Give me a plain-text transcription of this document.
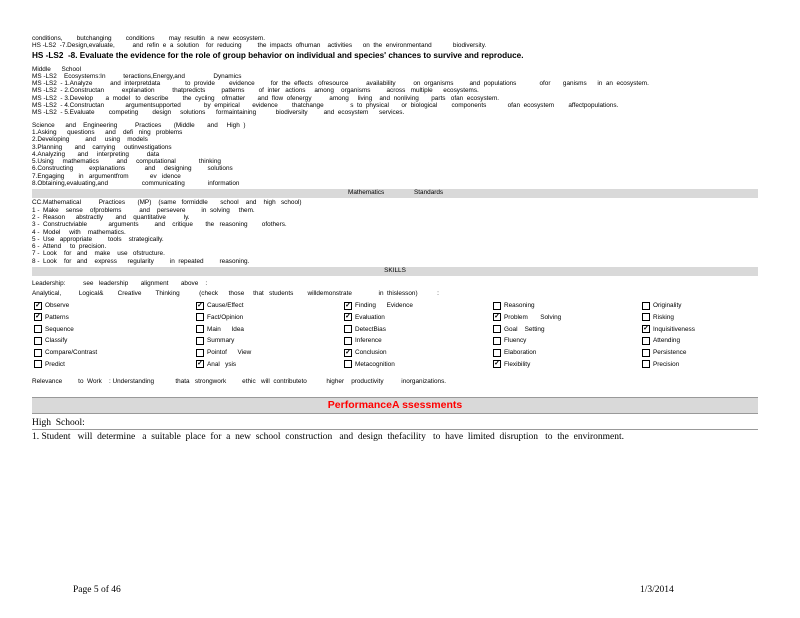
conditions,        butchanging        conditions        may  resultin   a  new  ecosystem.
HS -LS2  -7.Design,evaluate,          and  refin  e  a  solution    for  reducing         the  impacts  ofhuman    activities      on  the  environmentand            biodiversity.
HS -LS2  -8. Evaluate the evidence for the role of group behavior on individual and species' chances to survive and reproduce.
Middle      School
MS -LS2    Ecosystems:In          teractions,Energy,and                Dynamics
MS -LS2  - 1.Analyze          and  interpretdata              to  provide        evidence         for  the  effects   ofresource          availability          on  organisms         and  populations             ofor       ganisms      in  an  ecosystem.
MS -LS2  - 2.Constructan          explanation          thatpredicts         patterns        of  inter   actions     among    organisms         across   multiple      ecosystems.
MS -LS2  - 3.Develop       a  model   to  describe        the  cycling    ofmatter       and  flow  ofenergy          among     living    and  nonliving       parts   ofan  ecosystem.
MS -LS2  - 4.Constructan            argumentsupported             by  empirical       evidence        thatchange               s  to  physical       or  biological        components            ofan  ecosystem        affectpopulations.
MS -LS2  - 5.Evaluate        competing        design     solutions      formaintaining           biodiversity         and  ecosystem      services.
Science      and    Engineering          Practices       (Middle       and     High  )
1.Asking      questions      and    defi   ning   problems
2.Developing         and     using    models
3.Planning       and    carrying     outinvestigations
4.Analyzing       and     interpreting          data
5.Using     mathematics          and     computational             thinking
6.Constructing         explanations           and     designing         solutions
7.Engaging        in   argumentfrom            ev   idence
8.Obtaining,evaluating,and                   communicating             information
Mathematics	Standards
CC.Mathematical          Practices       (MP)    (same   formiddle       school    and    high   school)
1 -  Make    sense    ofproblems          and    persevere         in  solving     them.
2 -  Reason      abstractly       and    quantitative          ly.
3 -  Constructviable            arguments         and    critique       the   reasoning        ofothers.
4 -  Model     with    mathematics.
5 -  Use   appropriate         tools    strategically.
6 -  Attend     to  precision.
7 -  Look    for   and    make    use   ofstructure.
8 -  Look    for   and    express      regularity         in  repeated         reasoning.
SKILLS
Leadership:          see   leadership       alignment       above    :
Analytical,          Logical&        Creative        Thinking           (check      those     that   students        willdemonstrate               in  thislesson)           :
✓ Observe
✓ Patterns
Sequence
Classify
Compare/Contrast
Predict
✓ Cause/Effect
Fact/Opinion
Main      Idea
Summary
Pointof      View
✓ Anal   ysis
✓ Finding      Evidence
✓ Evaluation
DetectBias
Inference
✓ Conclusion
Metacognition
Reasoning
✓ Problem       Solving
Goal    Setting
Fluency
Elaboration
✓ Flexibility
Originality
Risking
✓ Inquisitiveness
Attending
Persistence
Precision
Relevance         to  Work    : Understanding            thata   strongwork         ethic   will  contributeto           higher    productivity          inorganizations.
PerformanceA ssessments
High  School:
1. Student   will  determine   a  suitable  place  for  a  new  school  construction   and  design  thefacility   to  have  limited  disruption   to  the  environment.
Page 5 of 46	1/3/2014
